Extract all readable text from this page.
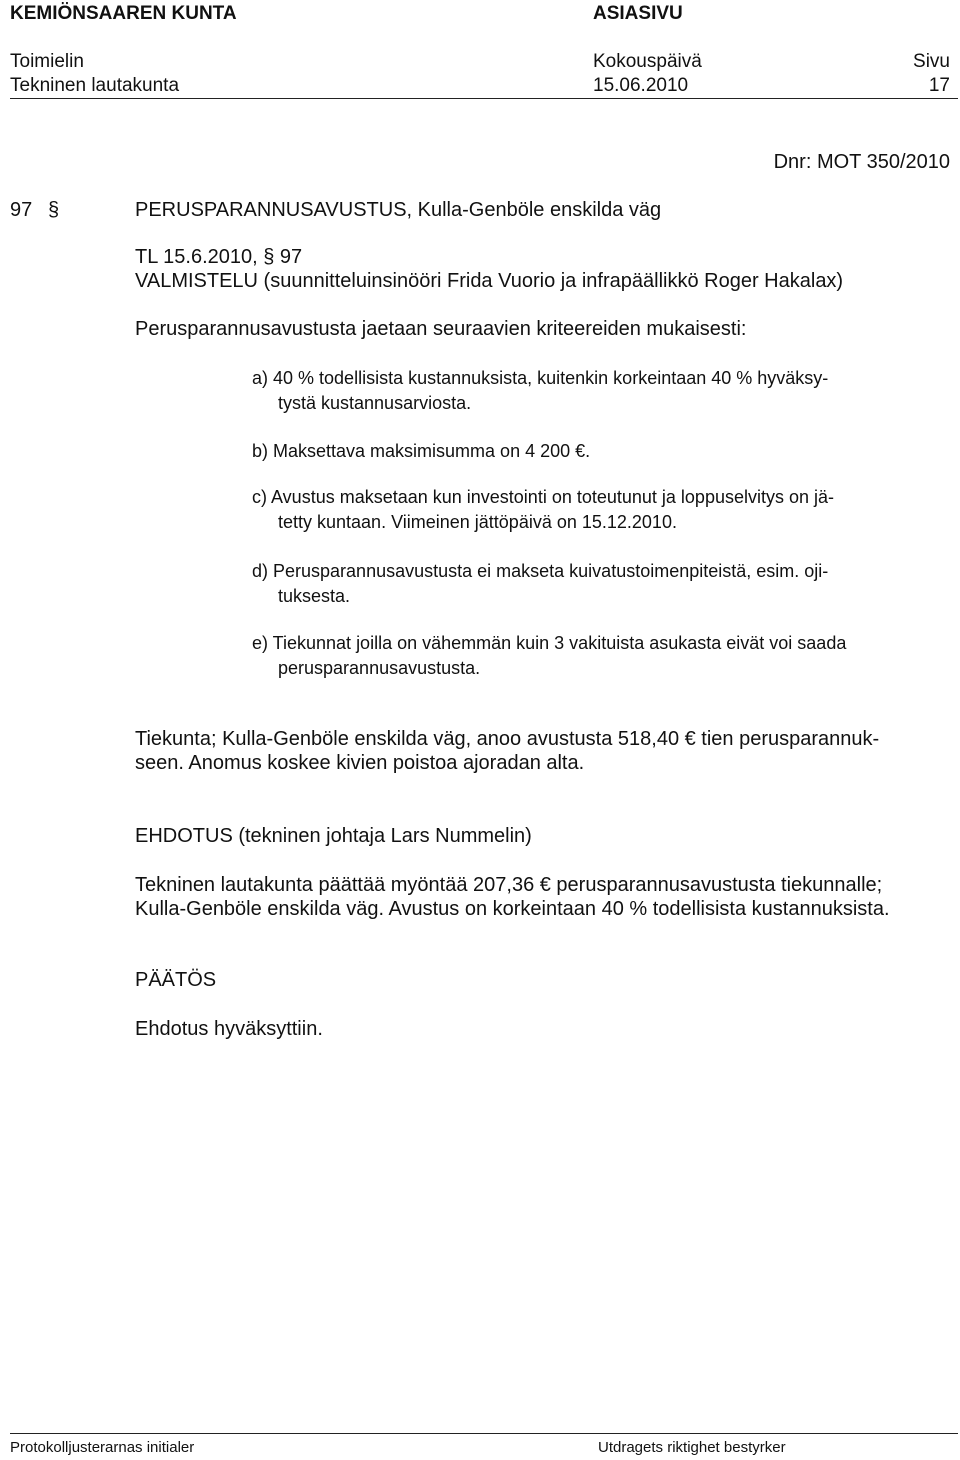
KEMIÖNSAAREN KUNTA	ASIASIVU
Toimielin	Kokouspäivä	Sivu
Tekninen lautakunta	15.06.2010	17
Dnr: MOT 350/2010
97 §	PERUSPARANNUSAVUSTUS, Kulla-Genböle enskilda väg
TL 15.6.2010, § 97
VALMISTELU (suunnitteluinsinööri Frida Vuorio ja infrapäällikkö Roger Hakalax)
Perusparannusavustusta jaetaan seuraavien kriteereiden mukaisesti:
a) 40 % todellisista kustannuksista, kuitenkin korkeintaan 40 % hyväksy-
tystä kustannusarviosta.
b) Maksettava maksimisumma on 4 200 €.
c) Avustus maksetaan kun investointi on toteutunut ja loppuselvitys on jä-
tetty kuntaan. Viimeinen jättöpäivä on 15.12.2010.
d) Perusparannusavustusta ei makseta kuivatustoimenpiteistä, esim. oji-
tuksesta.
e) Tiekunnat joilla on vähemmän kuin 3 vakituista asukasta eivät voi saada
perusparannusavustusta.
Tiekunta; Kulla-Genböle enskilda väg, anoo avustusta 518,40 € tien perusparannuk-
seen. Anomus koskee kivien poistoa ajoradan alta.
EHDOTUS (tekninen johtaja Lars Nummelin)
Tekninen lautakunta päättää myöntää 207,36 € perusparannusavustusta tiekunnalle;
Kulla-Genböle enskilda väg. Avustus on korkeintaan 40 % todellisista kustannuksista.
PÄÄTÖS
Ehdotus hyväksyttiin.
Protokolljusterarnas initialer	Utdragets riktighet bestyrker
